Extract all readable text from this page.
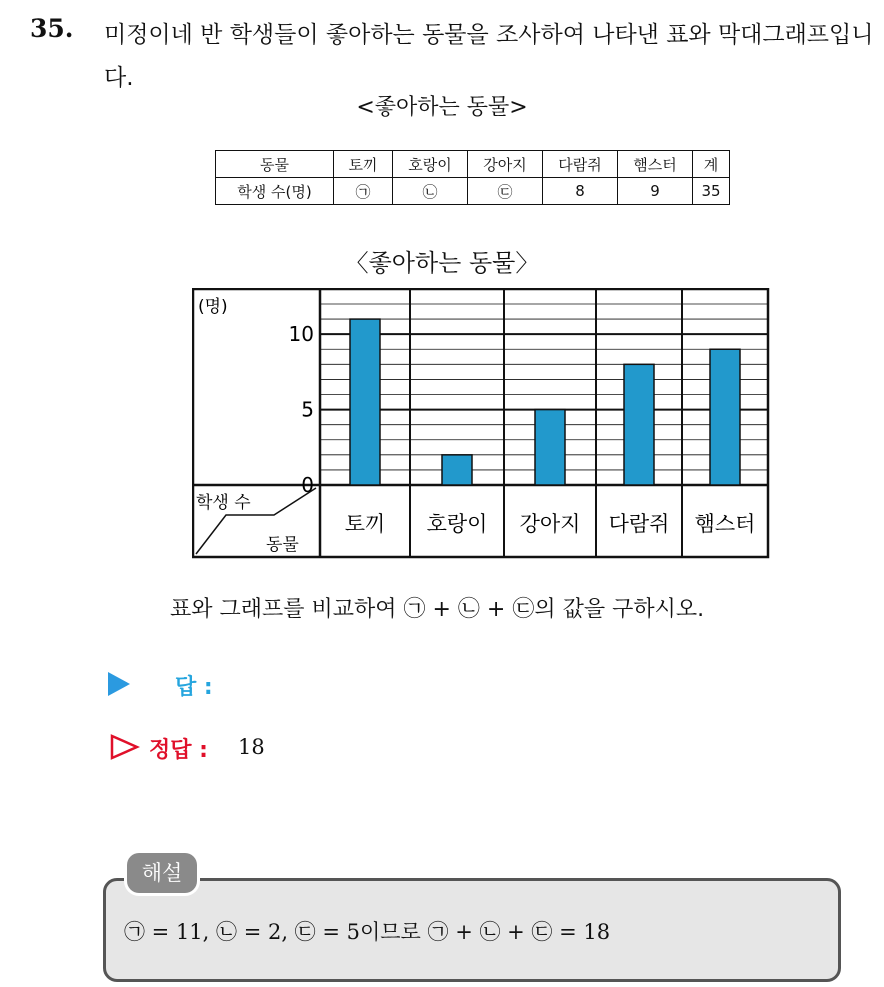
35. 미정이네 반 학생들이 좋아하는 동물을 조사하여 나타낸 표와 막대그래프입니다.
<좋아하는 동물>
동물	토끼	호랑이	강아지	다람쥐	햄스터	계
학생 수(명)	㉠	㉡	㉢	8	9	35
〈좋아하는 동물〉
0
5
10
(명)
토끼 호랑이 강아지 다람쥐 햄스터
학생 수
동물
표와 그래프를 비교하여 ㉠ + ㉡ + ㉢의 값을 구하시오.
답 :
정답 : 18
해설
㉠ = 11, ㉡ = 2, ㉢ = 5이므로 ㉠ + ㉡ + ㉢ = 18
